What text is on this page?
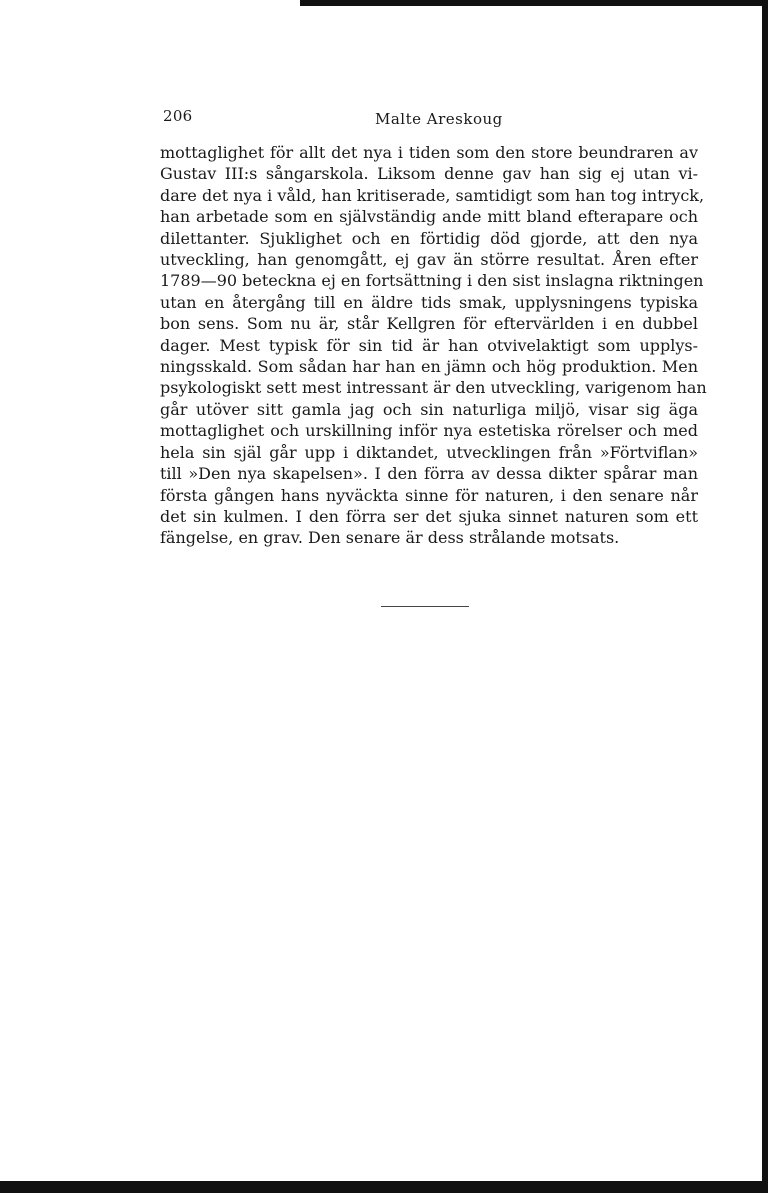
206	Malte Areskoug

mottaglighet för allt det nya i tiden som den store beundraren av
Gustav III:s sångarskola. Liksom denne gav han sig ej utan vi-
dare det nya i våld, han kritiserade, samtidigt som han tog intryck,
han arbetade som en självständig ande mitt bland efterapare och
dilettanter. Sjuklighet och en förtidig död gjorde, att den nya
utveckling, han genomgått, ej gav än större resultat. Åren efter
1789—90 beteckna ej en fortsättning i den sist inslagna riktningen
utan en återgång till en äldre tids smak, upplysningens typiska
bon sens. Som nu är, står Kellgren för eftervärlden i en dubbel
dager. Mest typisk för sin tid är han otvivelaktigt som upplys-
ningsskald. Som sådan har han en jämn och hög produktion. Men
psykologiskt sett mest intressant är den utveckling, varigenom han
går utöver sitt gamla jag och sin naturliga miljö, visar sig äga
mottaglighet och urskillning inför nya estetiska rörelser och med
hela sin själ går upp i diktandet, utvecklingen från »Förtviflan»
till »Den nya skapelsen». I den förra av dessa dikter spårar man
första gången hans nyväckta sinne för naturen, i den senare når
det sin kulmen. I den förra ser det sjuka sinnet naturen som ett
fängelse, en grav. Den senare är dess strålande motsats.
